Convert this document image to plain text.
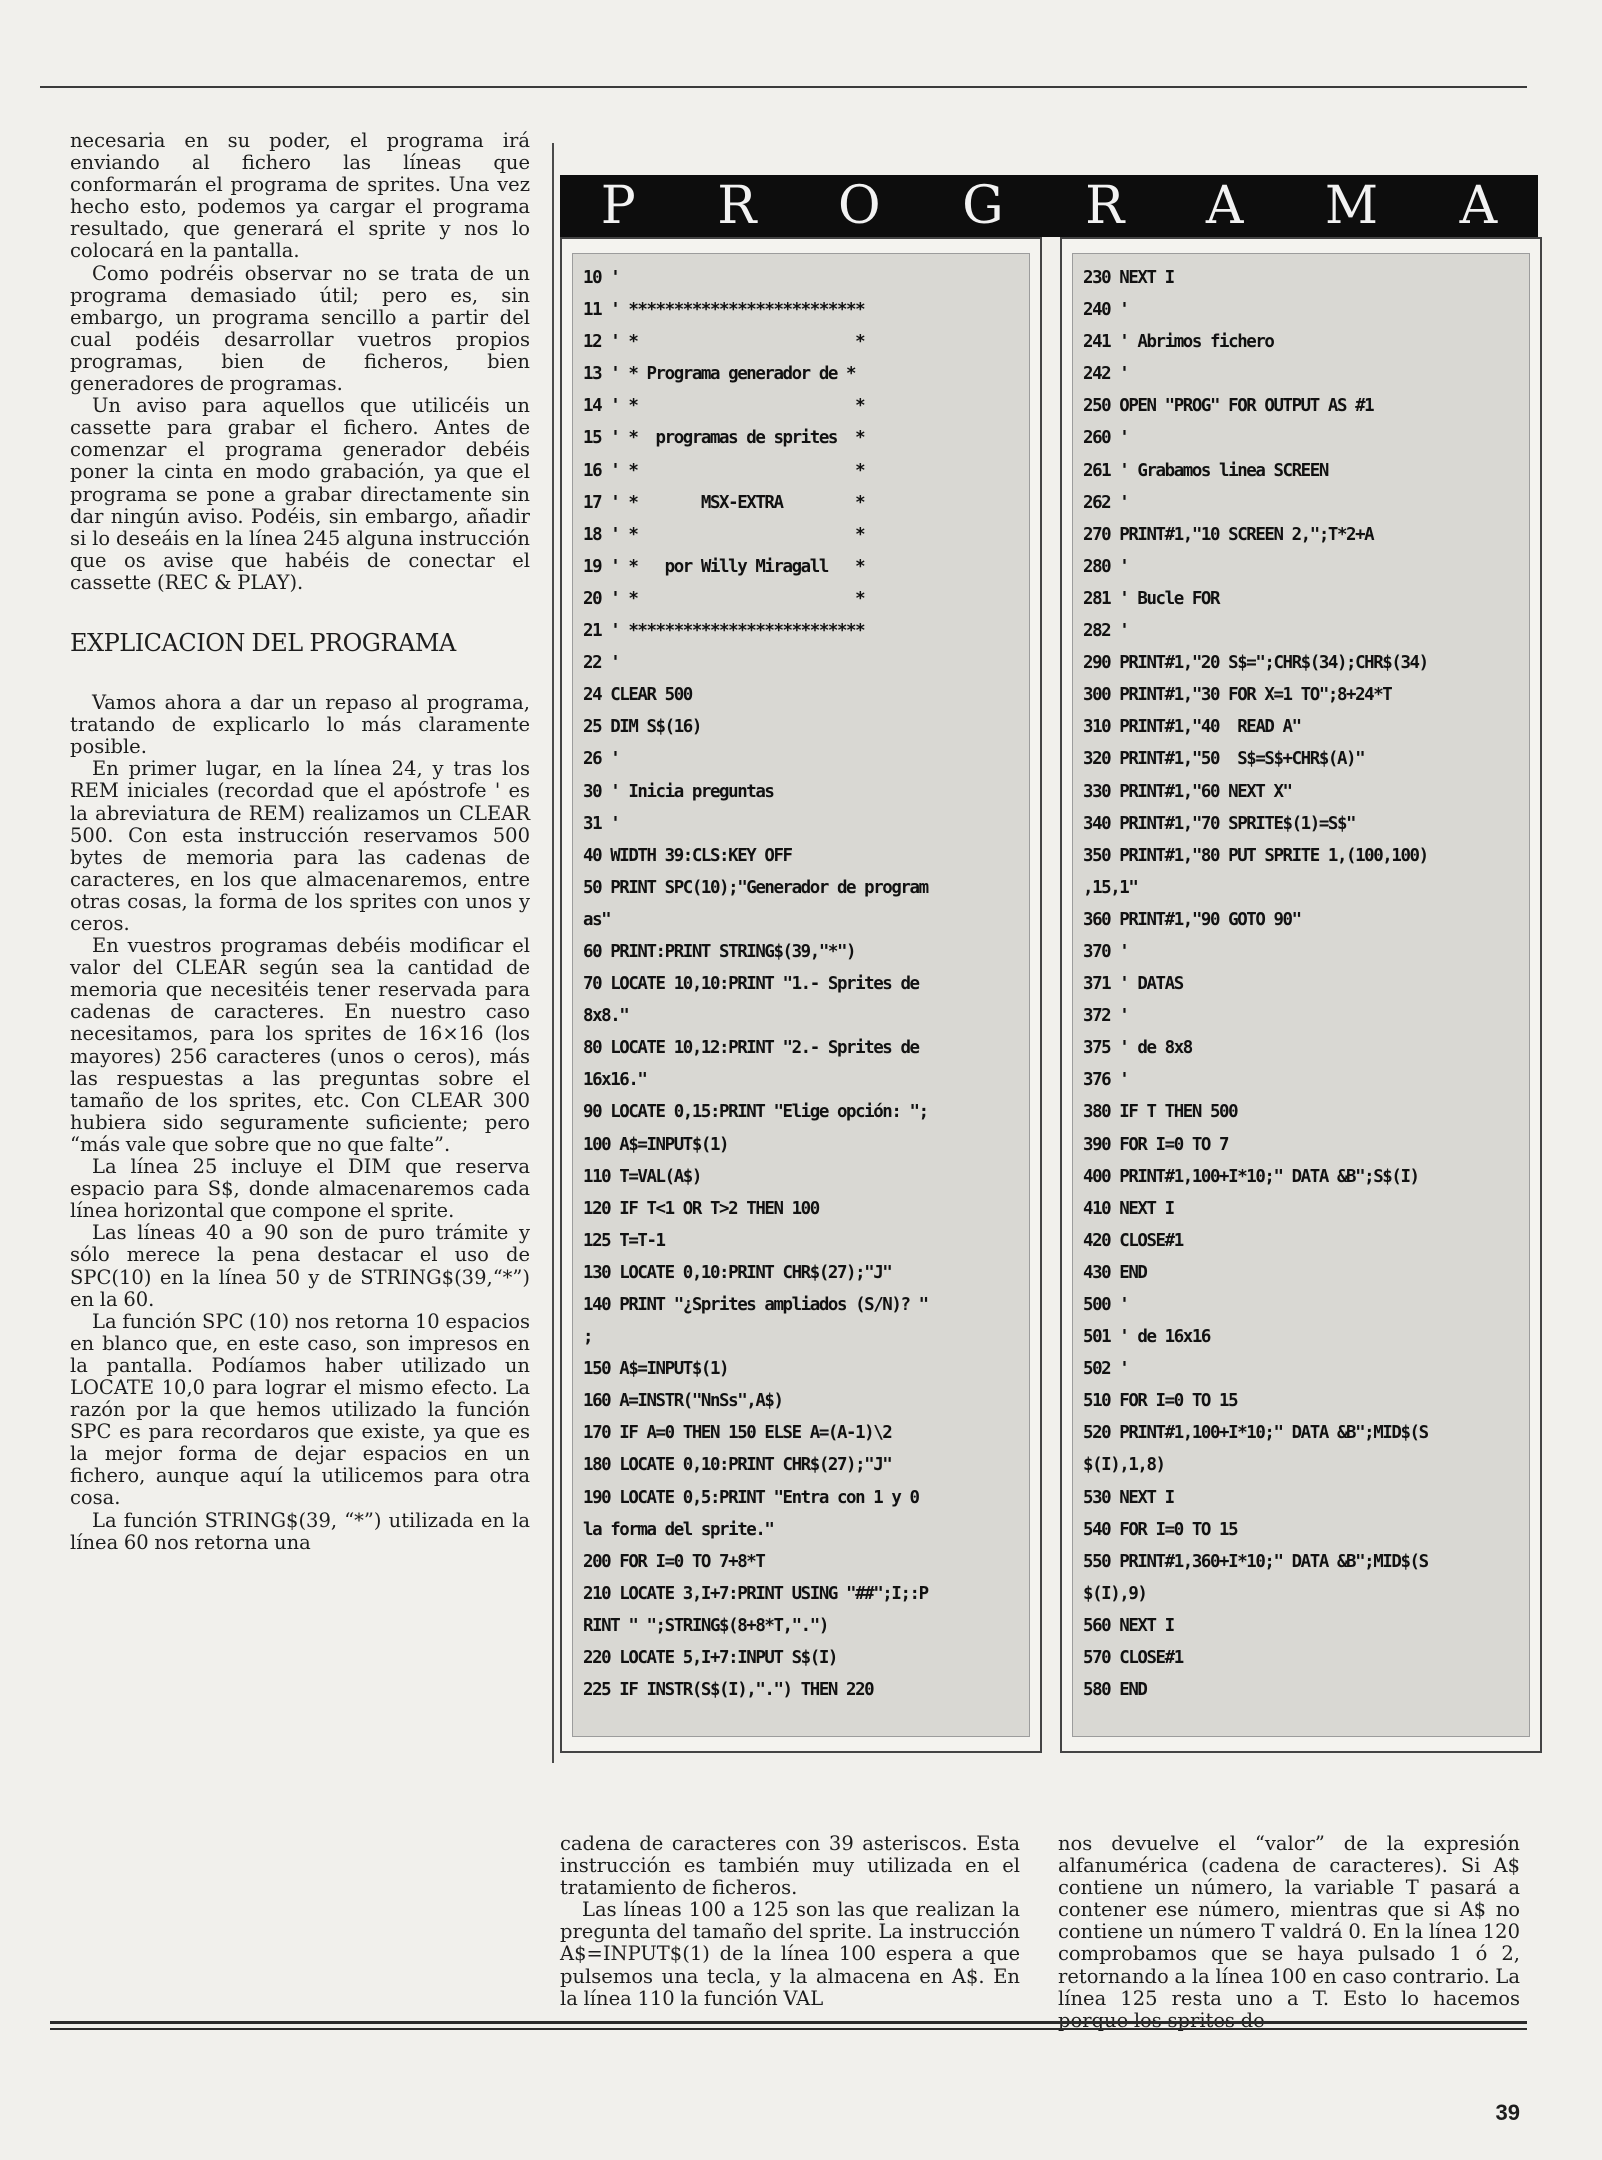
necesaria en su poder, el programa irá enviando al fichero las líneas que conformarán el programa de sprites. Una vez hecho esto, podemos ya cargar el programa resultado, que generará el sprite y nos lo colocará en la pantalla.

Como podréis observar no se trata de un programa demasiado útil; pero es, sin embargo, un programa sencillo a partir del cual podéis desarrollar vuetros propios programas, bien de ficheros, bien generadores de programas.

Un aviso para aquellos que utilicéis un cassette para grabar el fichero. Antes de comenzar el programa generador debéis poner la cinta en modo grabación, ya que el programa se pone a grabar directamente sin dar ningún aviso. Podéis, sin embargo, añadir si lo deseáis en la línea 245 alguna instrucción que os avise que habéis de conectar el cassette (REC & PLAY).

EXPLICACION DEL PROGRAMA

Vamos ahora a dar un repaso al programa, tratando de explicarlo lo más claramente posible.

En primer lugar, en la línea 24, y tras los REM iniciales (recordad que el apóstrofe ' es la abreviatura de REM) realizamos un CLEAR 500. Con esta instrucción reservamos 500 bytes de memoria para las cadenas de caracteres, en los que almacenaremos, entre otras cosas, la forma de los sprites con unos y ceros.

En vuestros programas debéis modificar el valor del CLEAR según sea la cantidad de memoria que necesitéis tener reservada para cadenas de caracteres. En nuestro caso necesitamos, para los sprites de 16×16 (los mayores) 256 caracteres (unos o ceros), más las respuestas a las preguntas sobre el tamaño de los sprites, etc. Con CLEAR 300 hubiera sido seguramente suficiente; pero “más vale que sobre que no que falte”.

La línea 25 incluye el DIM que reserva espacio para S$, donde almacenaremos cada línea horizontal que compone el sprite.

Las líneas 40 a 90 son de puro trámite y sólo merece la pena destacar el uso de SPC(10) en la línea 50 y de STRING$(39,“*”) en la 60.

La función SPC (10) nos retorna 10 espacios en blanco que, en este caso, son impresos en la pantalla. Podíamos haber utilizado un LOCATE 10,0 para lograr el mismo efecto. La razón por la que hemos utilizado la función SPC es para recordaros que existe, ya que es la mejor forma de dejar espacios en un fichero, aunque aquí la utilicemos para otra cosa.

La función STRING$(39, “*”) utilizada en la línea 60 nos retorna una

P R O G R A M A
10 '
11 ' **************************
12 ' *                        *
13 ' * Programa generador de *
14 ' *                        *
15 ' *  programas de sprites  *
16 ' *                        *
17 ' *       MSX-EXTRA        *
18 ' *                        *
19 ' *   por Willy Miragall   *
20 ' *                        *
21 ' **************************
22 '
24 CLEAR 500
25 DIM S$(16)
26 '
30 ' Inicia preguntas
31 '
40 WIDTH 39:CLS:KEY OFF
50 PRINT SPC(10);"Generador de program
as"
60 PRINT:PRINT STRING$(39,"*")
70 LOCATE 10,10:PRINT "1.- Sprites de
8x8."
80 LOCATE 10,12:PRINT "2.- Sprites de
16x16."
90 LOCATE 0,15:PRINT "Elige opción: ";
100 A$=INPUT$(1)
110 T=VAL(A$)
120 IF T<1 OR T>2 THEN 100
125 T=T-1
130 LOCATE 0,10:PRINT CHR$(27);"J"
140 PRINT "¿Sprites ampliados (S/N)? "
;
150 A$=INPUT$(1)
160 A=INSTR("NnSs",A$)
170 IF A=0 THEN 150 ELSE A=(A-1)\2
180 LOCATE 0,10:PRINT CHR$(27);"J"
190 LOCATE 0,5:PRINT "Entra con 1 y 0
la forma del sprite."
200 FOR I=0 TO 7+8*T
210 LOCATE 3,I+7:PRINT USING "##";I;:P
RINT " ";STRING$(8+8*T,".")
220 LOCATE 5,I+7:INPUT S$(I)
225 IF INSTR(S$(I),".") THEN 220
230 NEXT I
240 '
241 ' Abrimos fichero
242 '
250 OPEN "PROG" FOR OUTPUT AS #1
260 '
261 ' Grabamos linea SCREEN
262 '
270 PRINT#1,"10 SCREEN 2,";T*2+A
280 '
281 ' Bucle FOR
282 '
290 PRINT#1,"20 S$=";CHR$(34);CHR$(34)
300 PRINT#1,"30 FOR X=1 TO";8+24*T
310 PRINT#1,"40  READ A"
320 PRINT#1,"50  S$=S$+CHR$(A)"
330 PRINT#1,"60 NEXT X"
340 PRINT#1,"70 SPRITE$(1)=S$"
350 PRINT#1,"80 PUT SPRITE 1,(100,100)
,15,1"
360 PRINT#1,"90 GOTO 90"
370 '
371 ' DATAS
372 '
375 ' de 8x8
376 '
380 IF T THEN 500
390 FOR I=0 TO 7
400 PRINT#1,100+I*10;" DATA &B";S$(I)
410 NEXT I
420 CLOSE#1
430 END
500 '
501 ' de 16x16
502 '
510 FOR I=0 TO 15
520 PRINT#1,100+I*10;" DATA &B";MID$(S
$(I),1,8)
530 NEXT I
540 FOR I=0 TO 15
550 PRINT#1,360+I*10;" DATA &B";MID$(S
$(I),9)
560 NEXT I
570 CLOSE#1
580 END

cadena de caracteres con 39 asteriscos. Esta instrucción es también muy utilizada en el tratamiento de ficheros.

Las líneas 100 a 125 son las que realizan la pregunta del tamaño del sprite. La instrucción A$=INPUT$(1) de la línea 100 espera a que pulsemos una tecla, y la almacena en A$. En la línea 110 la función VAL

nos devuelve el “valor” de la expresión alfanumérica (cadena de caracteres). Si A$ contiene un número, la variable T pasará a contener ese número, mientras que si A$ no contiene un número T valdrá 0. En la línea 120 comprobamos que se haya pulsado 1 ó 2, retornando a la línea 100 en caso contrario. La línea 125 resta uno a T. Esto lo hacemos

39
